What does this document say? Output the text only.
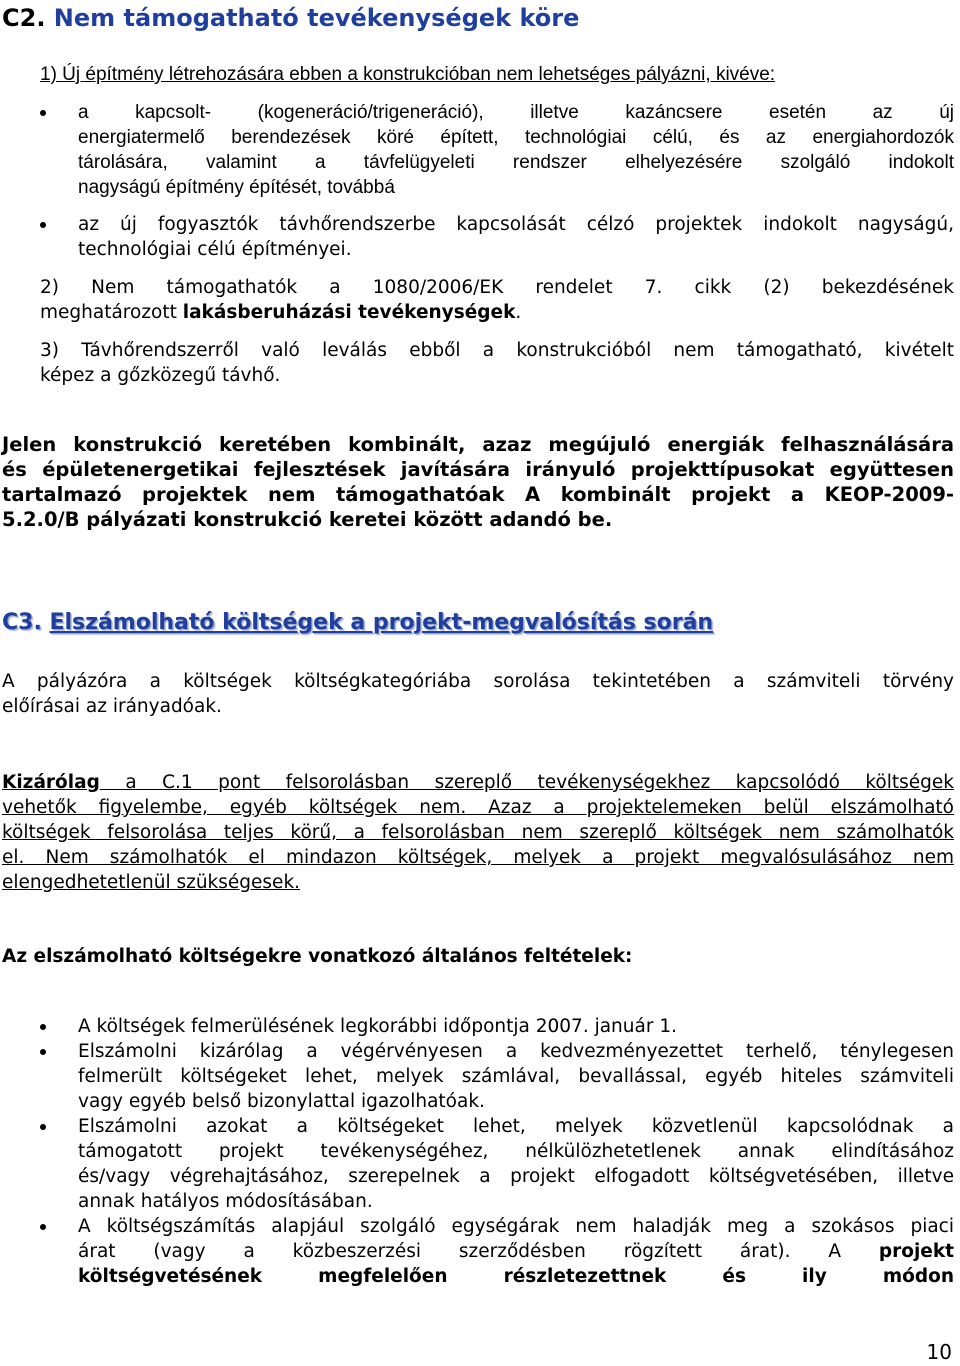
C2. Nem támogatható tevékenységek köre

1) Új építmény létrehozására ebben a konstrukcióban nem lehetséges pályázni, kivéve:

a kapcsolt- (kogeneráció/trigeneráció), illetve kazáncsere esetén az új
energiatermelő berendezések köré épített, technológiai célú, és az energiahordozók
tárolására, valamint a távfelügyeleti rendszer elhelyezésére szolgáló indokolt
nagyságú építmény építését, továbbá

az új fogyasztók távhőrendszerbe kapcsolását célzó projektek indokolt nagyságú,
technológiai célú építményei.

2) Nem támogathatók a 1080/2006/EK rendelet 7. cikk (2) bekezdésének
meghatározott lakásberuházási tevékenységek.

3) Távhőrendszerről való leválás ebből a konstrukcióból nem támogatható, kivételt
képez a gőzközegű távhő.

Jelen konstrukció keretében kombinált, azaz megújuló energiák felhasználására
és épületenergetikai fejlesztések javítására irányuló projekttípusokat együttesen
tartalmazó projektek nem támogathatóak A kombinált projekt a KEOP-2009-
5.2.0/B pályázati konstrukció keretei között adandó be.

C3. Elszámolható költségek a projekt-megvalósítás során

A pályázóra a költségek költségkategóriába sorolása tekintetében a számviteli törvény
előírásai az irányadóak.

Kizárólag a C.1 pont felsorolásban szereplő tevékenységekhez kapcsolódó költségek
vehetők figyelembe, egyéb költségek nem. Azaz a projektelemeken belül elszámolható
költségek felsorolása teljes körű, a felsorolásban nem szereplő költségek nem számolhatók
el. Nem számolhatók el mindazon költségek, melyek a projekt megvalósulásához nem
elengedhetetlenül szükségesek.

Az elszámolható költségekre vonatkozó általános feltételek:

A költségek felmerülésének legkorábbi időpontja 2007. január 1.

Elszámolni kizárólag a végérvényesen a kedvezményezettet terhelő, ténylegesen
felmerült költségeket lehet, melyek számlával, bevallással, egyéb hiteles számviteli
vagy egyéb belső bizonylattal igazolhatóak.

Elszámolni azokat a költségeket lehet, melyek közvetlenül kapcsolódnak a
támogatott projekt tevékenységéhez, nélkülözhetetlenek annak elindításához
és/vagy végrehajtásához, szerepelnek a projekt elfogadott költségvetésében, illetve
annak hatályos módosításában.

A költségszámítás alapjául szolgáló egységárak nem haladják meg a szokásos piaci
árat (vagy a közbeszerzési szerződésben rögzített árat). A projekt
költségvetésének megfelelően részletezettnek és ily módon

10
